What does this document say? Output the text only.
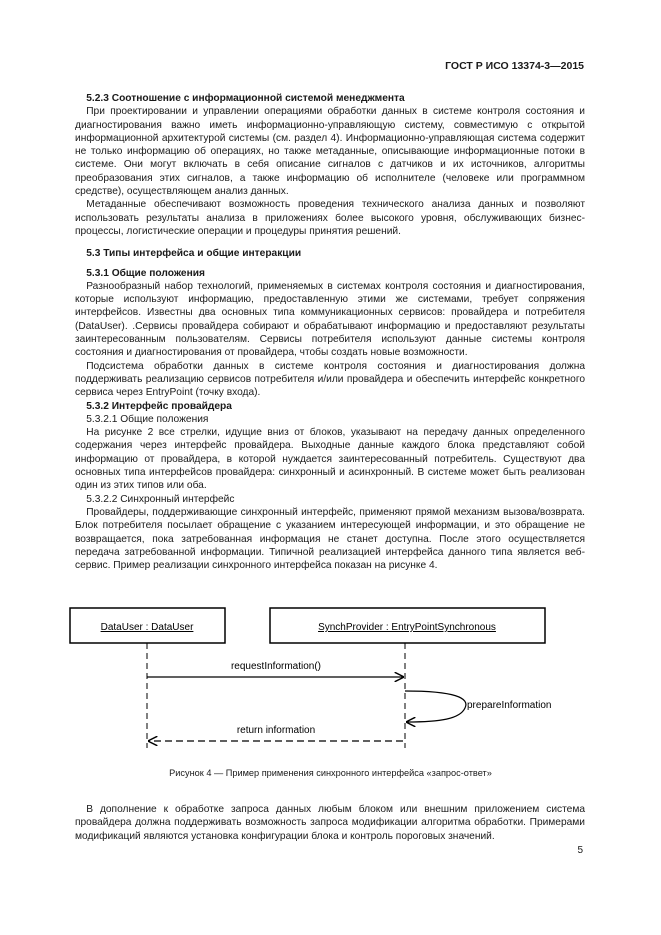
ГОСТ Р ИСО 13374-3—2015

5.2.3 Соотношение с информационной системой менеджмента

При проектировании и управлении операциями обработки данных в системе контроля состояния и диагностирования важно иметь информационно-управляющую систему, совместимую с открытой информационной архитектурой системы (см. раздел 4). Информационно-управляющая система содержит не только информацию об операциях, но также метаданные, описывающие информационные потоки в системе. Они могут включать в себя описание сигналов с датчиков и их источников, алгоритмы преобразования этих сигналов, а также информацию об исполнителе (человеке или программном средстве), осуществляющем анализ данных.

Метаданные обеспечивают возможность проведения технического анализа данных и позволяют использовать результаты анализа в приложениях более высокого уровня, обслуживающих бизнес-процессы, логистические операции и процедуры принятия решений.

5.3 Типы интерфейса и общие интеракции

5.3.1 Общие положения

Разнообразный набор технологий, применяемых в системах контроля состояния и диагностирования, которые используют информацию, предоставленную этими же системами, требует сопряжения интерфейсов. Известны два основных типа коммуникационных сервисов: провайдера и потребителя (DataUser). .Сервисы провайдера собирают и обрабатывают информацию и предоставляют результаты заинтересованным пользователям. Сервисы потребителя используют данные системы контроля состояния и диагностирования от провайдера, чтобы создать новые возможности.

Подсистема обработки данных в системе контроля состояния и диагностирования должна поддерживать реализацию сервисов потребителя и/или провайдера и обеспечить интерфейс конкретного сервиса через EntryPoint (точку входа).

5.3.2 Интерфейс провайдера

5.3.2.1 Общие положения

На рисунке 2 все стрелки, идущие вниз от блоков, указывают на передачу данных определенного содержания через интерфейс провайдера. Выходные данные каждого блока представляют собой информацию от провайдера, в которой нуждается заинтересованный потребитель. Существуют два основных типа интерфейсов провайдера: синхронный и асинхронный. В системе может быть реализован один из этих типов или оба.

5.3.2.2 Синхронный интерфейс

Провайдеры, поддерживающие синхронный интерфейс, применяют прямой механизм вызова/возврата. Блок потребителя посылает обращение с указанием интересующей информации, и это обращение не возвращается, пока затребованная информация не станет доступна. После этого осуществляется передача затребованной информации. Типичной реализацией интерфейса данного типа является веб-сервис. Пример реализации синхронного интерфейса показан на рисунке 4.

DataUser : DataUser	SynchProvider : EntryPointSynchronous
requestInformation()
prepareInformation
return information
Рисунок 4 — Пример применения синхронного интерфейса «запрос-ответ»

В дополнение к обработке запроса данных любым блоком или внешним приложением система провайдера должна поддерживать возможность запроса модификации алгоритма обработки. Примерами модификаций являются установка конфигурации блока и контроль пороговых значений.

5
